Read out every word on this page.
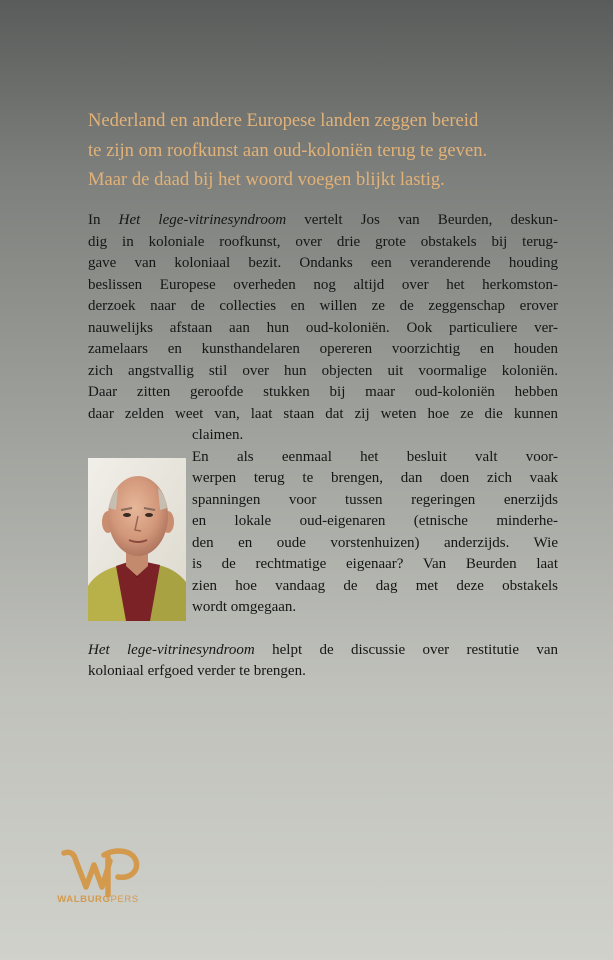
Nederland en andere Europese landen zeggen bereid
te zijn om roofkunst aan oud-koloniën terug te geven.
Maar de daad bij het woord voegen blijkt lastig.
In Het lege-vitrinesyndroom vertelt Jos van Beurden, deskun-
dig in koloniale roofkunst, over drie grote obstakels bij terug-
gave van koloniaal bezit. Ondanks een veranderende houding
beslissen Europese overheden nog altijd over het herkomston-
derzoek naar de collecties en willen ze de zeggenschap erover
nauwelijks afstaan aan hun oud-koloniën. Ook particuliere ver-
zamelaars en kunsthandelaren opereren voorzichtig en houden
zich angstvallig stil over hun objecten uit voormalige koloniën.
Daar zitten geroofde stukken bij maar oud-koloniën hebben
daar zelden weet van, laat staan dat zij weten hoe ze die kunnen
claimen.
En als eenmaal het besluit valt voor-
werpen terug te brengen, dan doen zich vaak
spanningen voor tussen regeringen enerzijds
en lokale oud-eigenaren (etnische minderhe-
den en oude vorstenhuizen) anderzijds. Wie
is de rechtmatige eigenaar? Van Beurden laat
zien hoe vandaag de dag met deze obstakels
wordt omgegaan.
Het lege-vitrinesyndroom helpt de discussie over restitutie van
koloniaal erfgoed verder te brengen.
WALBURGPERS
